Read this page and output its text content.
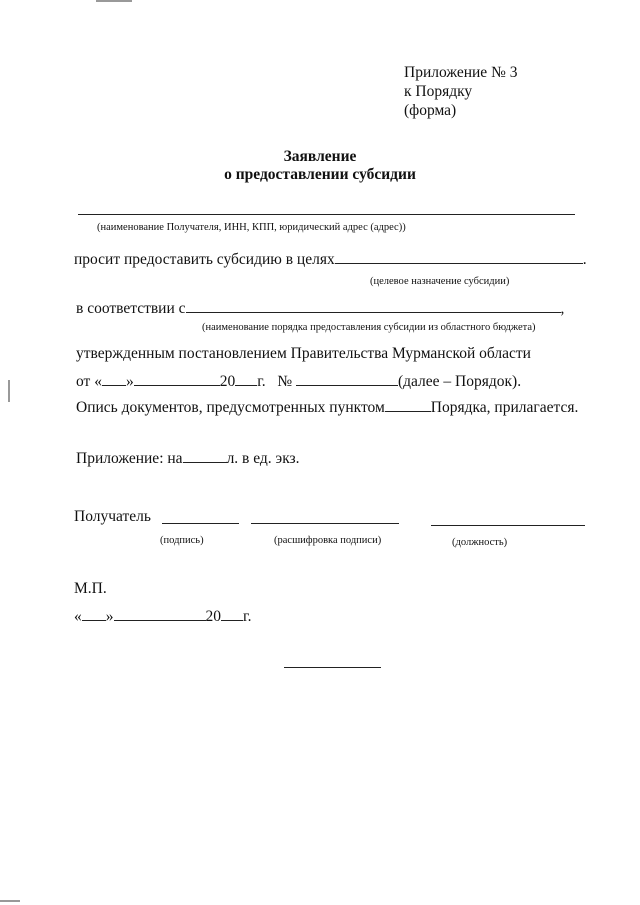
Приложение № 3
к Порядку
(форма)
Заявление
о предоставлении субсидии
(наименование Получателя, ИНН, КПП, юридический адрес (адрес))
просит предоставить субсидию в целях	.
(целевое назначение субсидии)
в соответствии с	,
(наименование порядка предоставления субсидии из областного бюджета)
утвержденным постановлением Правительства Мурманской области
от « »	20 г. №	(далее – Порядок).
Опись документов, предусмотренных пунктом	Порядка, прилагается.
Приложение: на	л. в ед. экз.
Получатель
(подпись)	(расшифровка подписи)	(должность)
М.П.
« »	20 г.
